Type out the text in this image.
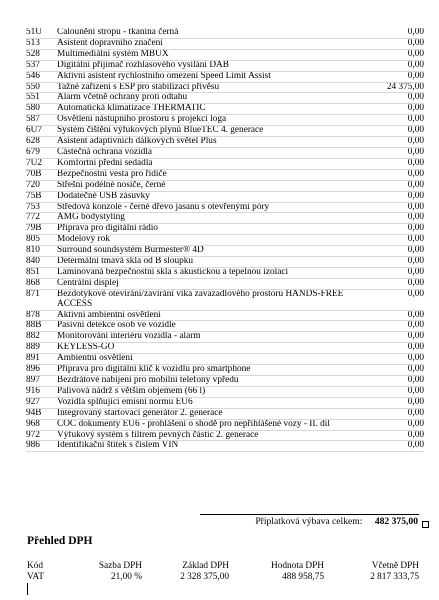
51U	Čalounění stropu - tkanina černá	0,00
513	Asistent dopravního značení	0,00
528	Multimediální systém MBUX	0,00
537	Digitální přijímač rozhlasového vysílání DAB	0,00
546	Aktivní asistent rychlostního omezení Speed Limit Assist	0,00
550	Tažné zařízení s ESP pro stabilizaci přívěsu	24 375,00
551	Alarm včetně ochrany proti odtahu	0,00
580	Automatická klimatizace THERMATIC	0,00
587	Osvětlení nástupního prostoru s projekcí loga	0,00
6U7	Systém čištění výfukových plynů BlueTEC 4. generace	0,00
628	Asistent adaptivních dálkových světel Plus	0,00
679	Částečná ochrana vozidla	0,00
7U2	Komfortní přední sedadla	0,00
70B	Bezpečnostní vesta pro řidiče	0,00
720	Střešní podélné nosiče, černé	0,00
75B	Dodatečné USB zásuvky	0,00
753	Středová konzole - černé dřevo jasanu s otevřenými póry	0,00
772	AMG bodystyling	0,00
79B	Příprava pro digitální rádio	0,00
805	Modelový rok	0,00
810	Surround soundsystém Burmester® 4D	0,00
840	Determální tmavá skla od B sloupku	0,00
851	Laminovaná bezpečnostní skla s akustickou a tepelnou izolací	0,00
868	Centrální displej	0,00
871	Bezdotykové otevírání/zavírání víka zavazadlového prostoru HANDS-FREE ACCESS	0,00
878	Aktivní ambientní osvětlení	0,00
88B	Pasivní detekce osob ve vozidle	0,00
882	Monitorování interiéru vozidla - alarm	0,00
889	KEYLESS-GO	0,00
891	Ambientní osvětlení	0,00
896	Příprava pro digitální klíč k vozidlu pro smartphone	0,00
897	Bezdrátové nabíjení pro mobilní telefony vpředu	0,00
916	Palivová nádrž s větším objemem (66 l)	0,00
927	Vozidla splňující emisní normu EU6	0,00
94B	Integrovaný startovací generátor 2. generace	0,00
968	COC dokumenty EU6 - prohlášení o shodě pro nepřihlášené vozy - II. díl	0,00
972	Výfukový systém s filtrem pevných částic 2. generace	0,00
986	Identifikační štítek s číslem VIN	0,00
Příplatková výbava celkem: 482 375,00
Přehled DPH
Kód	Sazba DPH	Základ DPH	Hodnota DPH	Včetně DPH
VAT	21,00 %	2 328 375,00	488 958,75	2 817 333,75
